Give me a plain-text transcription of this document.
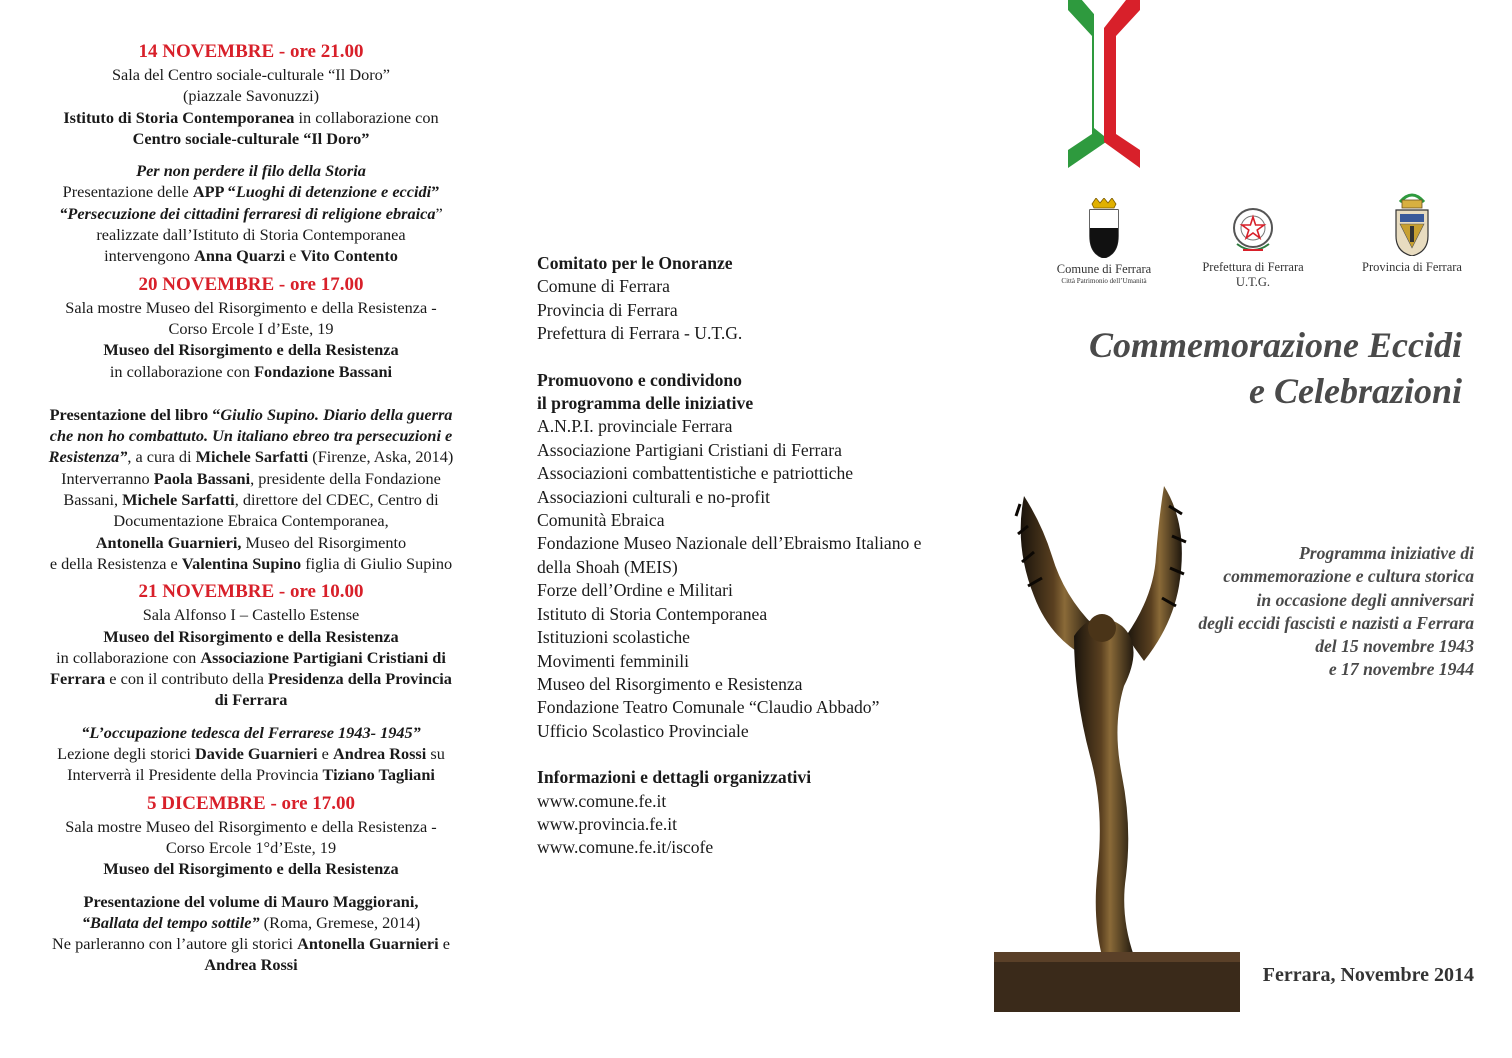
14 NOVEMBRE - ore 21.00

Sala del Centro sociale-culturale “Il Doro”

(piazzale Savonuzzi)

Istituto di Storia Contemporanea in collaborazione con

Centro sociale-culturale “Il Doro”

Per non perdere il filo della Storia

Presentazione delle APP “Luoghi di detenzione e eccidi”

“Persecuzione dei cittadini ferraresi di religione ebraica”

realizzate dall’Istituto di Storia Contemporanea

intervengono Anna Quarzi e Vito Contento

20 NOVEMBRE - ore 17.00

Sala mostre Museo del Risorgimento e della Resistenza -

Corso Ercole I d’Este, 19

Museo del Risorgimento e della Resistenza

in collaborazione con Fondazione Bassani

Presentazione del libro “Giulio Supino. Diario della guerra

che non ho combattuto. Un italiano ebreo tra persecuzioni e

Resistenza”, a cura di Michele Sarfatti (Firenze, Aska, 2014)

Interverranno Paola Bassani, presidente della Fondazione

Bassani, Michele Sarfatti, direttore del CDEC, Centro di

Documentazione Ebraica Contemporanea,

Antonella Guarnieri, Museo del Risorgimento

e della Resistenza e Valentina Supino figlia di Giulio Supino

21 NOVEMBRE - ore 10.00

Sala Alfonso I – Castello Estense

Museo del Risorgimento e della Resistenza

in collaborazione con Associazione Partigiani Cristiani di

Ferrara e con il contributo della Presidenza della Provincia

di Ferrara

“L’occupazione tedesca del Ferrarese 1943- 1945”

Lezione degli storici Davide Guarnieri e Andrea Rossi su

Interverrà il Presidente della Provincia Tiziano Tagliani

5 DICEMBRE - ore 17.00

Sala mostre Museo del Risorgimento e della Resistenza -

Corso Ercole 1°d’Este, 19

Museo del Risorgimento e della Resistenza

Presentazione del volume di Mauro Maggiorani,

“Ballata del tempo sottile” (Roma, Gremese, 2014)

Ne parleranno con l’autore gli storici Antonella Guarnieri e

Andrea Rossi

Comitato per le Onoranze

Comune di Ferrara

Provincia di Ferrara

Prefettura di Ferrara - U.T.G.

Promuovono e condividono

il programma delle iniziative

A.N.P.I. provinciale Ferrara

Associazione Partigiani Cristiani di Ferrara

Associazioni combattentistiche e patriottiche

Associazioni culturali e no-profit

Comunità Ebraica

Fondazione Museo Nazionale dell’Ebraismo Italiano e

della Shoah (MEIS)

Forze dell’Ordine e Militari

Istituto di Storia Contemporanea

Istituzioni scolastiche

Movimenti femminili

Museo del Risorgimento e Resistenza

Fondazione Teatro Comunale “Claudio Abbado”

Ufficio Scolastico Provinciale

Informazioni e dettagli organizzativi

www.comune.fe.it

www.provincia.fe.it

www.comune.fe.it/iscofe

Comune di Ferrara
Città Patrimonio dell’Umanità
Prefettura di Ferrara
U.T.G.
Provincia di Ferrara
Commemorazione Eccidi
e Celebrazioni

Programma iniziative di

commemorazione e cultura storica

in occasione degli anniversari

degli eccidi fascisti e nazisti a Ferrara

del 15 novembre 1943

e 17 novembre 1944

Ferrara, Novembre 2014
